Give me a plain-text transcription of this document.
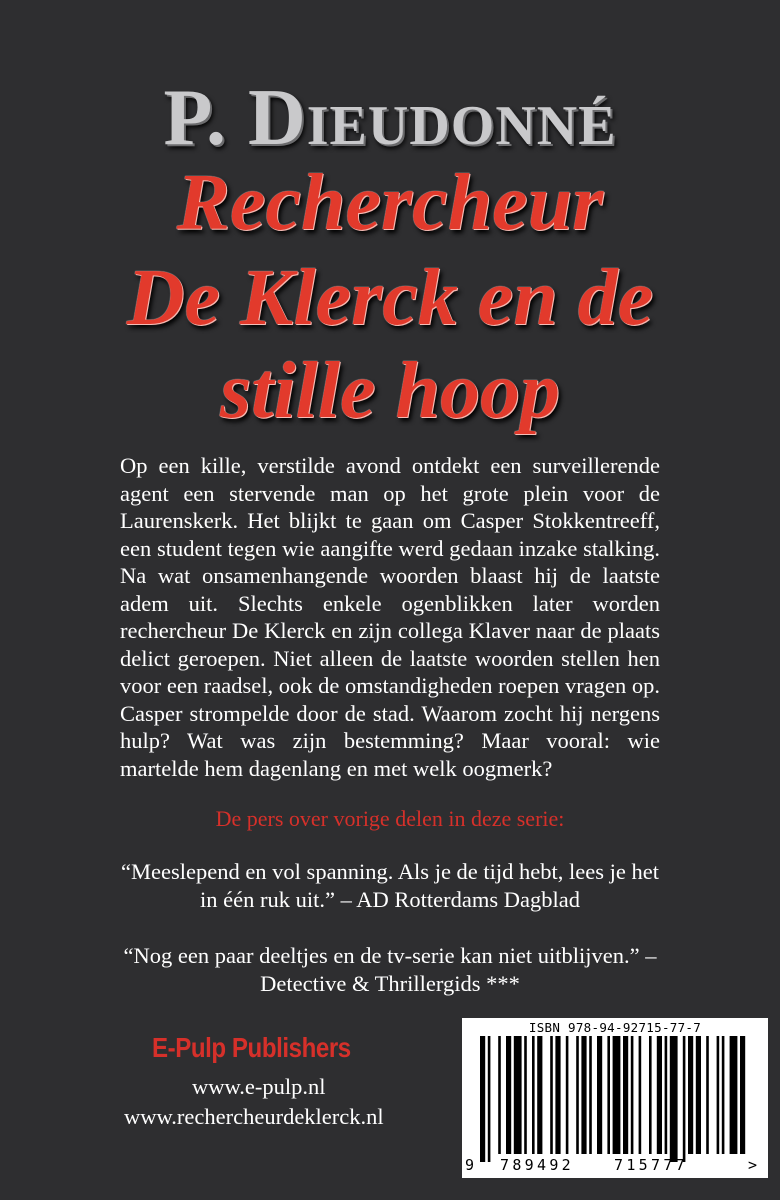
P. Dieudonné
Rechercheur
De Klerck en de
stille hoop
Op een kille, verstilde avond ontdekt een surveillerende agent een stervende man op het grote plein voor de Laurenskerk. Het blijkt te gaan om Casper Stokkentreeff, een student tegen wie aangifte werd gedaan inzake stalking. Na wat onsamenhangende woorden blaast hij de laatste adem uit. Slechts enkele ogenblikken later worden rechercheur De Klerck en zijn collega Klaver naar de plaats delict geroepen. Niet alleen de laatste woorden stellen hen voor een raadsel, ook de omstandigheden roepen vragen op. Casper strompelde door de stad. Waarom zocht hij nergens hulp? Wat was zijn bestemming? Maar vooral: wie martelde hem dagenlang en met welk oogmerk?
De pers over vorige delen in deze serie:
“Meeslepend en vol spanning. Als je de tijd hebt, lees je het in één ruk uit.” – AD Rotterdams Dagblad
“Nog een paar deeltjes en de tv-serie kan niet uitblijven.” – Detective & Thrillergids ***
E-Pulp Publishers
www.e-pulp.nl
www.rechercheurdeklerck.nl
ISBN 978-94-92715-77-7
9 789492	715777	>
